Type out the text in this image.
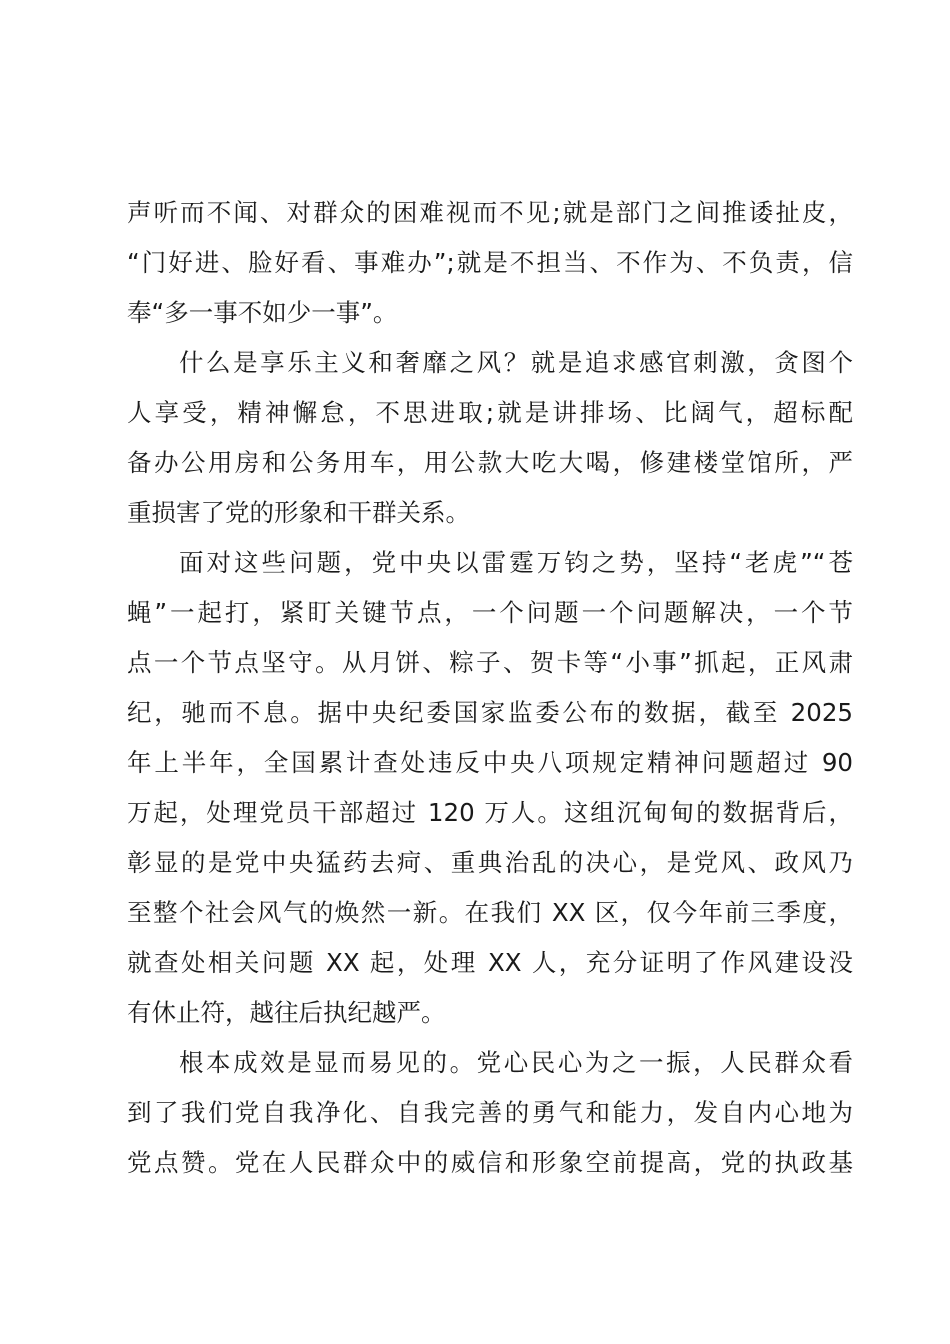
声听而不闻、对群众的困难视而不见;就是部门之间推诿扯皮，
“门好进、脸好看、事难办”;就是不担当、不作为、不负责，信
奉“多一事不如少一事”。
什么是享乐主义和奢靡之风？就是追求感官刺激，贪图个
人享受，精神懈怠，不思进取;就是讲排场、比阔气，超标配
备办公用房和公务用车，用公款大吃大喝，修建楼堂馆所，严
重损害了党的形象和干群关系。
面对这些问题，党中央以雷霆万钧之势，坚持“老虎”“苍
蝇”一起打，紧盯关键节点，一个问题一个问题解决，一个节
点一个节点坚守。从月饼、粽子、贺卡等“小事”抓起，正风肃
纪，驰而不息。据中央纪委国家监委公布的数据，截至 2025
年上半年，全国累计查处违反中央八项规定精神问题超过 90
万起，处理党员干部超过 120 万人。这组沉甸甸的数据背后，
彰显的是党中央猛药去疴、重典治乱的决心，是党风、政风乃
至整个社会风气的焕然一新。在我们 XX 区，仅今年前三季度，
就查处相关问题 XX 起，处理 XX 人，充分证明了作风建设没
有休止符，越往后执纪越严。
根本成效是显而易见的。党心民心为之一振，人民群众看
到了我们党自我净化、自我完善的勇气和能力，发自内心地为
党点赞。党在人民群众中的威信和形象空前提高，党的执政基
